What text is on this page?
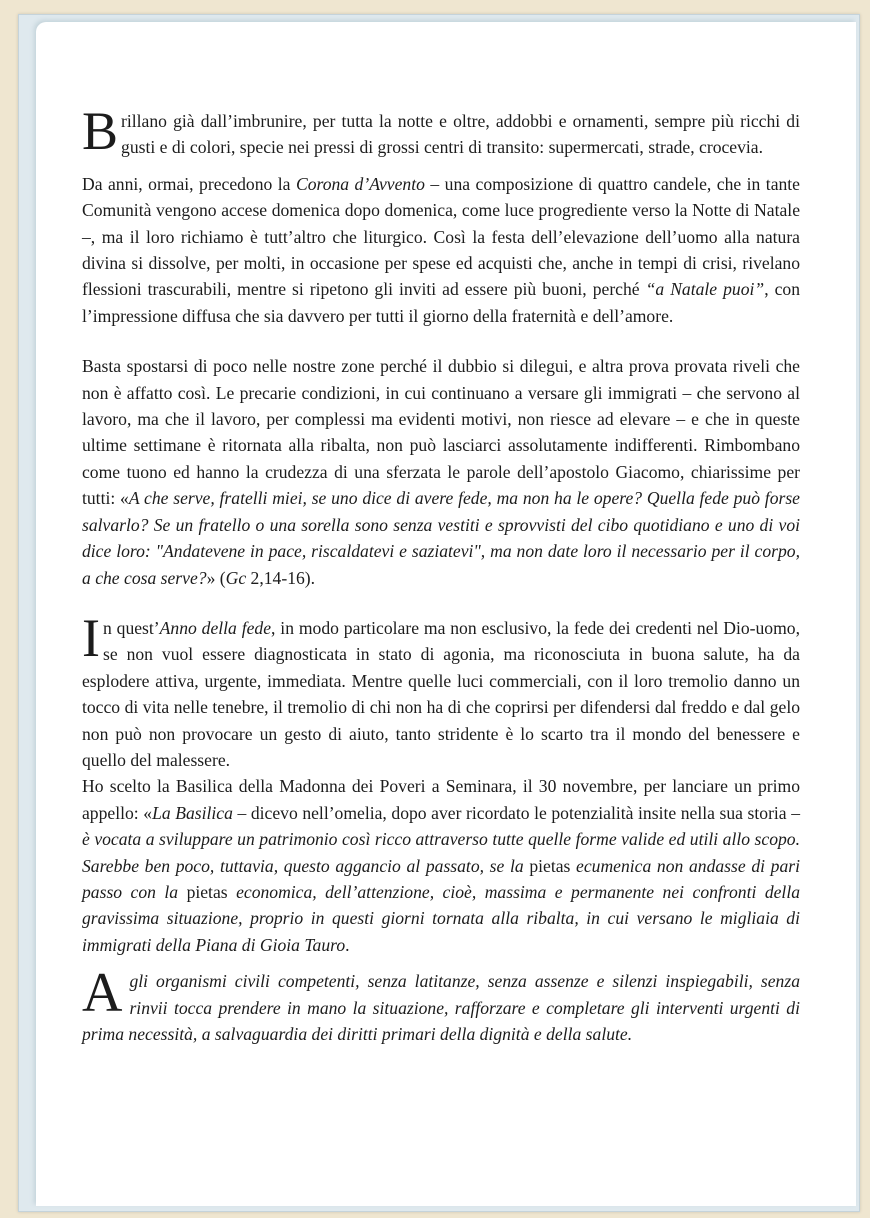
Brillano già dall’imbrunire, per tutta la notte e oltre, addobbi e ornamenti, sempre più ricchi di gusti e di colori, specie nei pressi di grossi centri di transito: supermercati, strade, crocevia.

Da anni, ormai, precedono la Corona d’Avvento – una composizione di quattro candele, che in tante Comunità vengono accese domenica dopo domenica, come luce progrediente verso la Notte di Natale –, ma il loro richiamo è tutt’altro che liturgico. Così la festa dell’elevazione dell’uomo alla natura divina si dissolve, per molti, in occasione per spese ed acquisti che, anche in tempi di crisi, rivelano flessioni trascurabili, mentre si ripetono gli inviti ad essere più buoni, perché “a Natale puoi”, con l’impressione diffusa che sia davvero per tutti il giorno della fraternità e dell’amore.

Basta spostarsi di poco nelle nostre zone perché il dubbio si dilegui, e altra prova provata riveli che non è affatto così. Le precarie condizioni, in cui continuano a versare gli immigrati – che servono al lavoro, ma che il lavoro, per complessi ma evidenti motivi, non riesce ad elevare – e che in queste ultime settimane è ritornata alla ribalta, non può lasciarci assolutamente indifferenti. Rimbombano come tuono ed hanno la crudezza di una sferzata le parole dell’apostolo Giacomo, chiarissime per tutti: «A che serve, fratelli miei, se uno dice di avere fede, ma non ha le opere? Quella fede può forse salvarlo? Se un fratello o una sorella sono senza vestiti e sprovvisti del cibo quotidiano e uno di voi dice loro: "Andatevene in pace, riscaldatevi e saziatevi", ma non date loro il necessario per il corpo, a che cosa serve?» (Gc 2,14-16).

In quest’Anno della fede, in modo particolare ma non esclusivo, la fede dei credenti nel Dio-uomo, se non vuol essere diagnosticata in stato di agonia, ma riconosciuta in buona salute, ha da esplodere attiva, urgente, immediata. Mentre quelle luci commerciali, con il loro tremolio danno un tocco di vita nelle tenebre, il tremolio di chi non ha di che coprirsi per difendersi dal freddo e dal gelo non può non provocare un gesto di aiuto, tanto stridente è lo scarto tra il mondo del benessere e quello del malessere.

Ho scelto la Basilica della Madonna dei Poveri a Seminara, il 30 novembre, per lanciare un primo appello: «La Basilica – dicevo nell’omelia, dopo aver ricordato le potenzialità insite nella sua storia – è vocata a sviluppare un patrimonio così ricco attraverso tutte quelle forme valide ed utili allo scopo. Sarebbe ben poco, tuttavia, questo aggancio al passato, se la pietas ecumenica non andasse di pari passo con la pietas economica, dell’attenzione, cioè, massima e permanente nei confronti della gravissima situazione, proprio in questi giorni tornata alla ribalta, in cui versano le migliaia di immigrati della Piana di Gioia Tauro.

Agli organismi civili competenti, senza latitanze, senza assenze e silenzi inspiegabili, senza rinvii tocca prendere in mano la situazione, rafforzare e completare gli interventi urgenti di prima necessità, a salvaguardia dei diritti primari della dignità e della salute.
